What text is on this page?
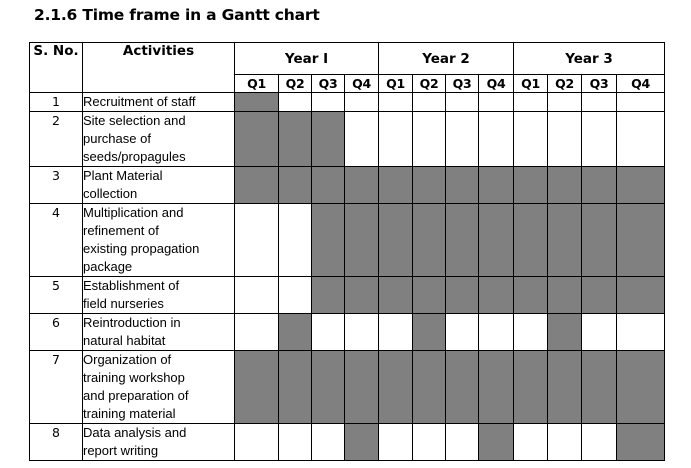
2.1.6 Time frame in a Gantt chart
S. No.	Activities	Year I				Year 2				Year 3			
		Q1	Q2	Q3	Q4	Q1	Q2	Q3	Q4	Q1	Q2	Q3	Q4
1	Recruitment of staff												

2	Site selection and
purchase of
seeds/propagules												

3	Plant Material
collection												

4	Multiplication and
refinement of
existing propagation
package												

5	Establishment of
field nurseries												

6	Reintroduction in
natural habitat												

7	Organization of
training workshop
and preparation of
training material												

8	Data analysis and
report writing												
